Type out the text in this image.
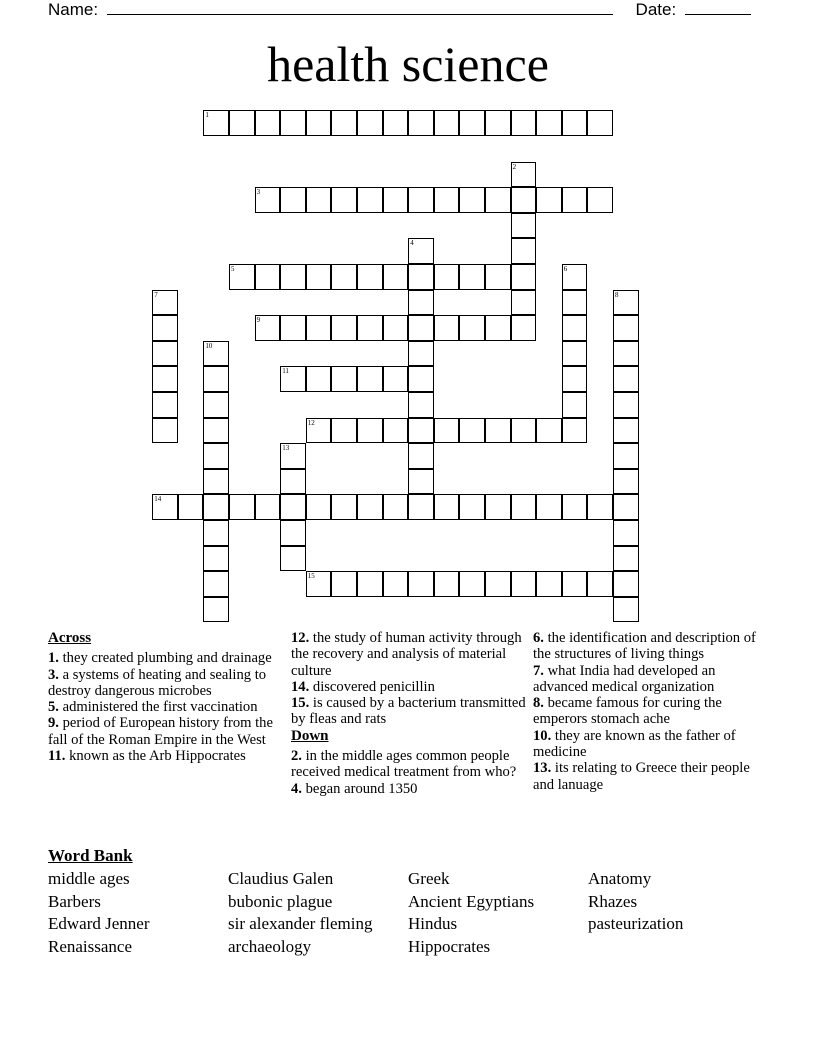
Name:	Date:
health science
1
2
3
4
5	6
7	8
9
10
11
12
13
14
15
Across
1. they created plumbing and drainage
3. a systems of heating and sealing to destroy dangerous microbes
5. administered the first vaccination
9. period of European history from the fall of the Roman Empire in the West
11. known as the Arb Hippocrates
12. the study of human activity through the recovery and analysis of material culture
14. discovered penicillin
15. is caused by a bacterium transmitted by fleas and rats
Down
2. in the middle ages common people received medical treatment from who?
4. began around 1350
6. the identification and description of the structures of living things
7. what India had developed an advanced medical organization
8. became famous for curing the emperors stomach ache
10. they are known as the father of medicine
13. its relating to Greece their people and lanuage
Word Bank
middle ages
Barbers
Edward Jenner
Renaissance
Claudius Galen
bubonic plague
sir alexander fleming
archaeology
Greek
Ancient Egyptians
Hindus
Hippocrates
Anatomy
Rhazes
pasteurization
